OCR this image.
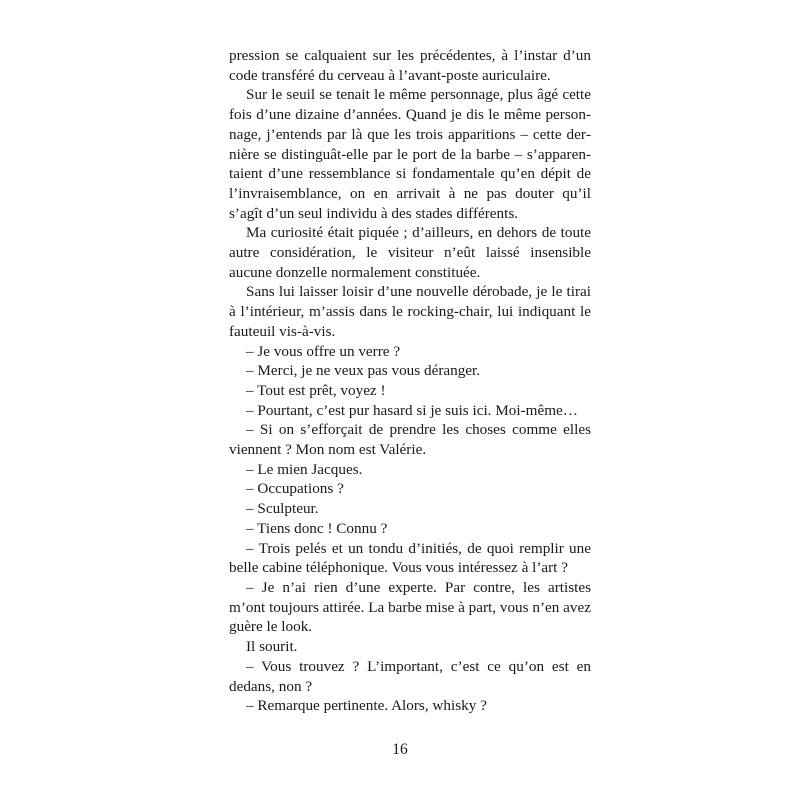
pression se calquaient sur les précédentes, à l’instar d’un code transféré du cerveau à l’avant-poste auriculaire.

Sur le seuil se tenait le même personnage, plus âgé cette fois d’une dizaine d’années. Quand je dis le même personnage, j’entends par là que les trois apparitions – cette dernière se distinguât-elle par le port de la barbe – s’apparentaient d’une ressemblance si fondamentale qu’en dépit de l’invraisemblance, on en arrivait à ne pas douter qu’il s’agît d’un seul individu à des stades différents.

Ma curiosité était piquée ; d’ailleurs, en dehors de toute autre considération, le visiteur n’eût laissé insensible aucune donzelle normalement constituée.

Sans lui laisser loisir d’une nouvelle dérobade, je le tirai à l’intérieur, m’assis dans le rocking-chair, lui indiquant le fauteuil vis-à-vis.

– Je vous offre un verre ?

– Merci, je ne veux pas vous déranger.

– Tout est prêt, voyez !

– Pourtant, c’est pur hasard si je suis ici. Moi-même…

– Si on s’efforçait de prendre les choses comme elles viennent ? Mon nom est Valérie.

– Le mien Jacques.

– Occupations ?

– Sculpteur.

– Tiens donc ! Connu ?

– Trois pelés et un tondu d’initiés, de quoi remplir une belle cabine téléphonique. Vous vous intéressez à l’art ?

– Je n’ai rien d’une experte. Par contre, les artistes m’ont toujours attirée. La barbe mise à part, vous n’en avez guère le look.

Il sourit.

– Vous trouvez ? L’important, c’est ce qu’on est en dedans, non ?

– Remarque pertinente. Alors, whisky ?

16
